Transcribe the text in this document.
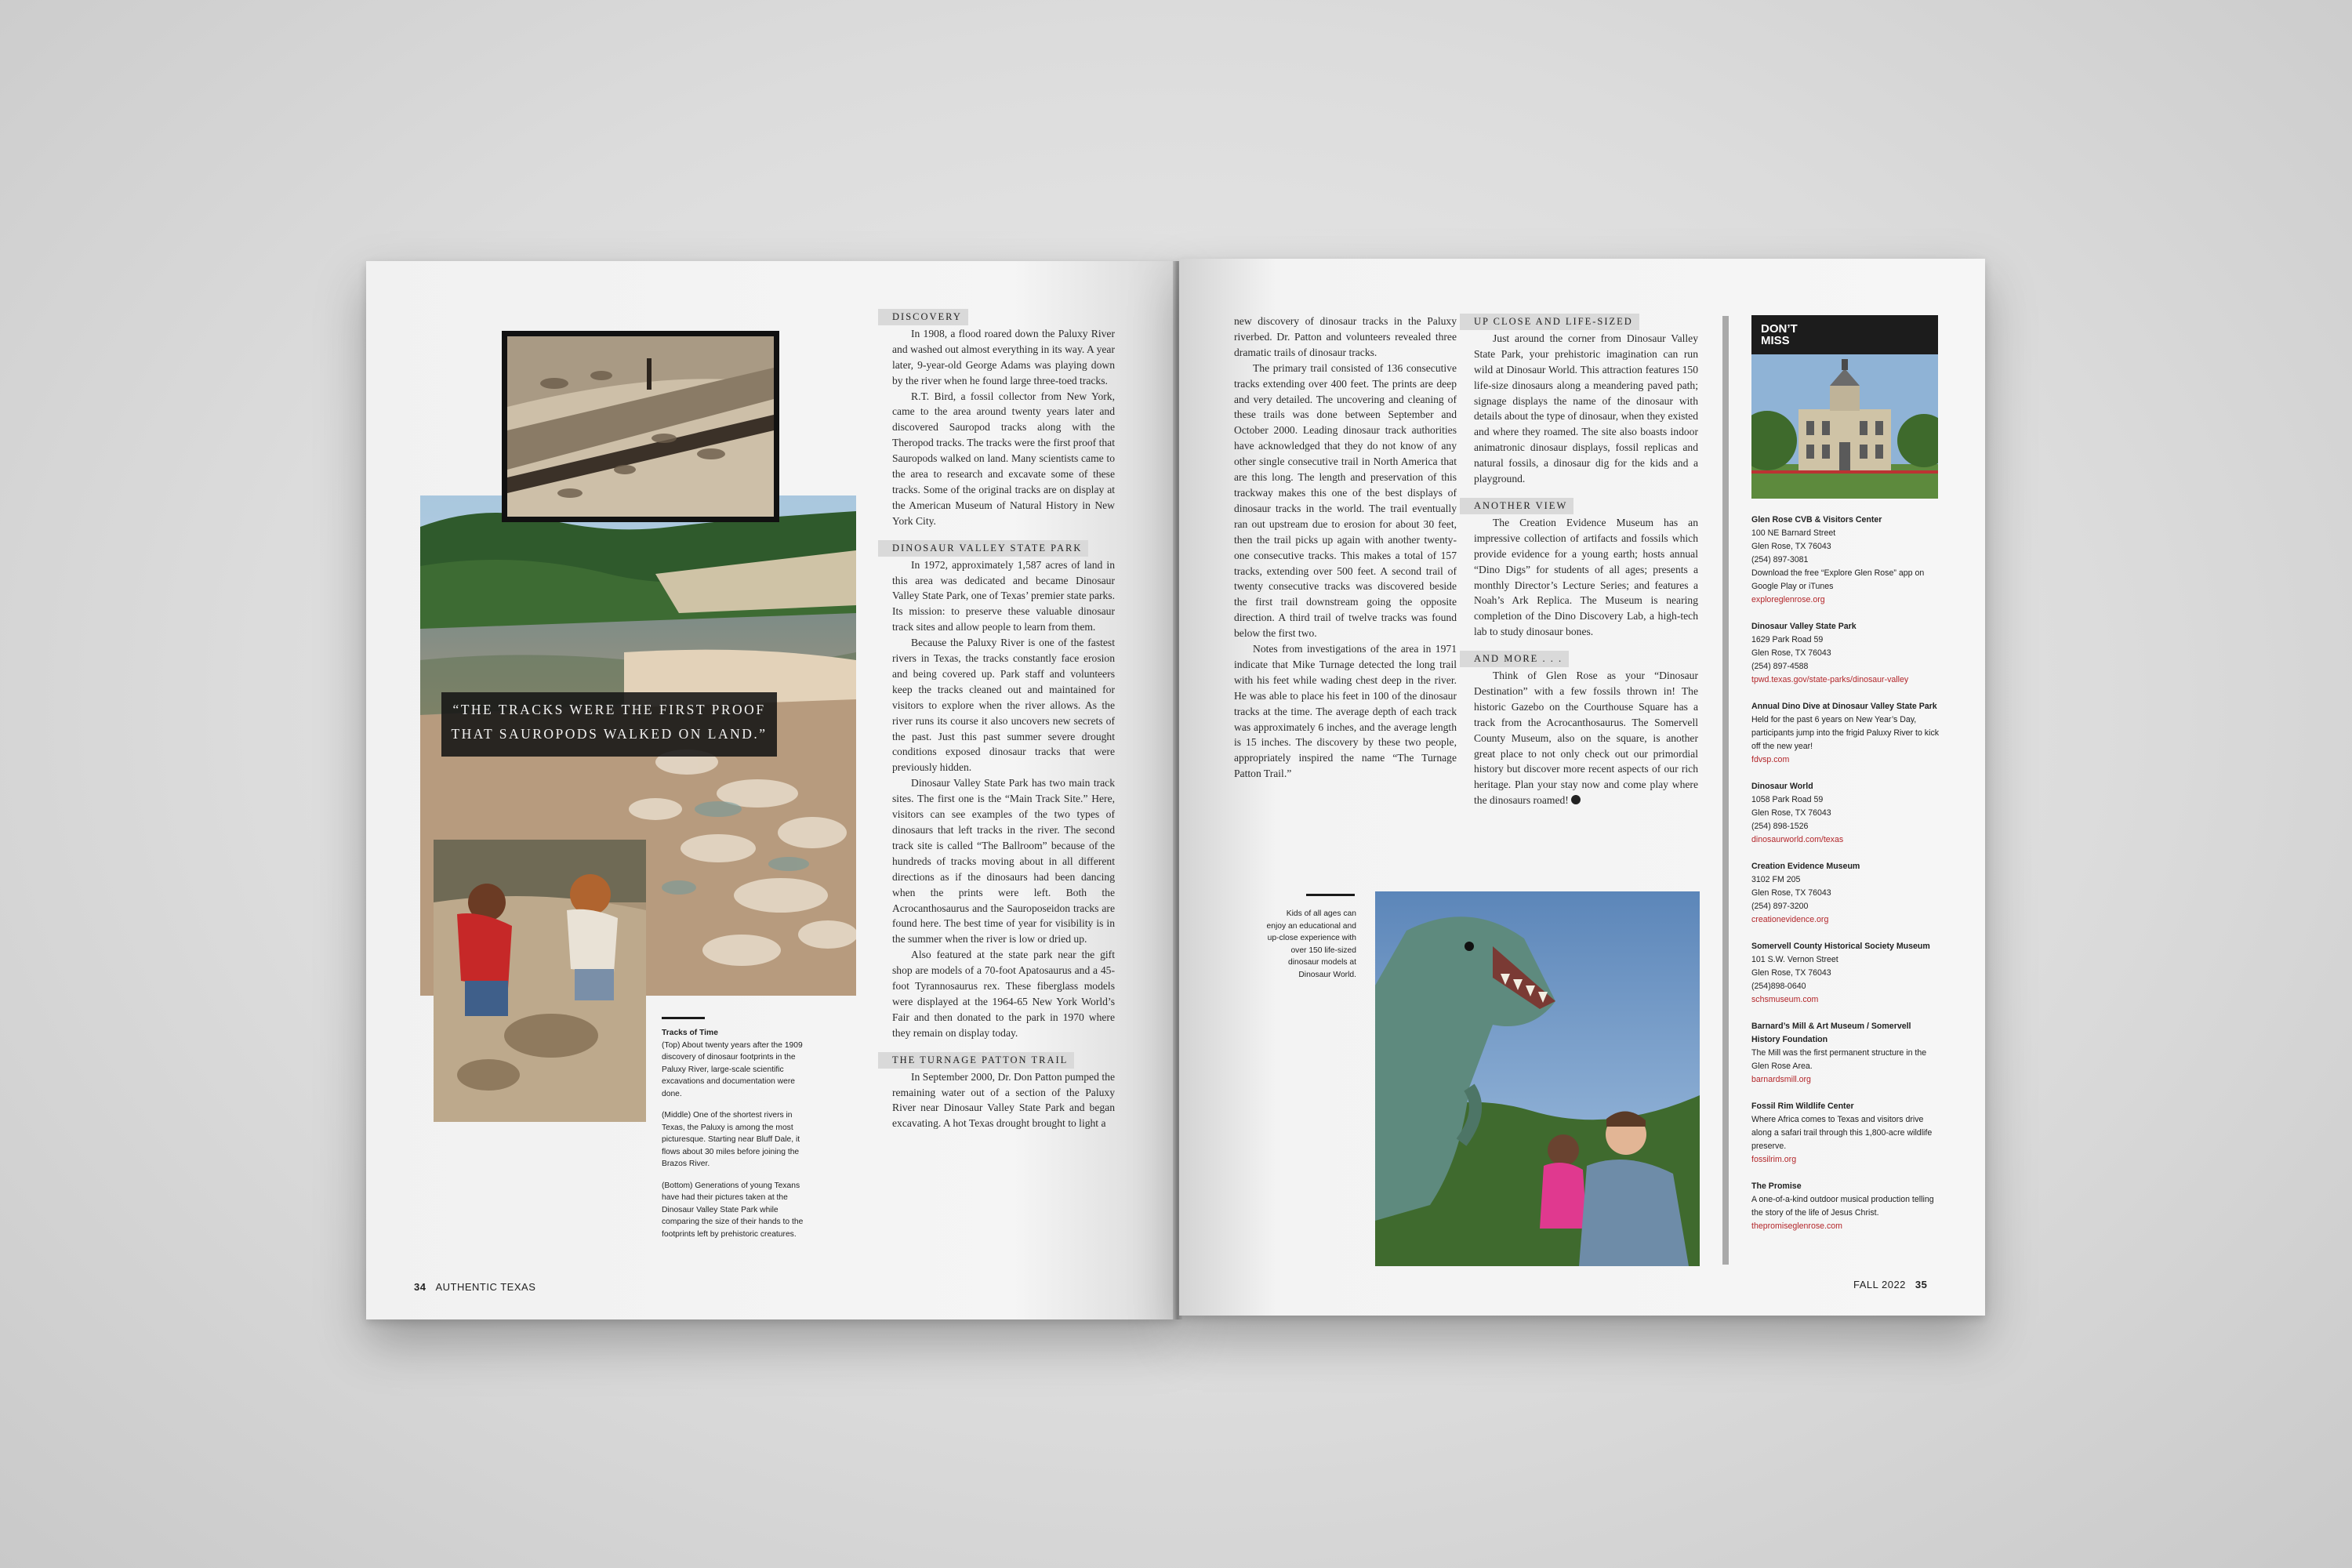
“THE TRACKS WERE THE FIRST PROOF
THAT SAUROPODS WALKED ON LAND.”

Tracks of Time
(Top) About twenty years after the 1909 discovery of dinosaur footprints in the Paluxy River, large-scale scientific excavations and documentation were done.

(Middle) One of the shortest rivers in Texas, the Paluxy is among the most picturesque. Starting near Bluff Dale, it flows about 30 miles before joining the Brazos River.

(Bottom) Generations of young Texans have had their pictures taken at the Dinosaur Valley State Park while comparing the size of their hands to the footprints left by prehistoric creatures.

DISCOVERY

In 1908, a flood roared down the Paluxy River and washed out almost everything in its way. A year later, 9-year-old George Adams was playing down by the river when he found large three-toed tracks.

R.T. Bird, a fossil collector from New York, came to the area around twenty years later and discovered Sauropod tracks along with the Theropod tracks. The tracks were the first proof that Sauropods walked on land. Many scientists came to the area to research and excavate some of these tracks. Some of the original tracks are on display at the American Museum of Natural History in New York City.

DINOSAUR VALLEY STATE PARK

In 1972, approximately 1,587 acres of land in this area was dedicated and became Dinosaur Valley State Park, one of Texas’ premier state parks. Its mission: to preserve these valuable dinosaur track sites and allow people to learn from them.

Because the Paluxy River is one of the fastest rivers in Texas, the tracks constantly face erosion and being covered up. Park staff and volunteers keep the tracks cleaned out and maintained for visitors to explore when the river allows. As the river runs its course it also uncovers new secrets of the past. Just this past summer severe drought conditions exposed dinosaur tracks that were previously hidden.

Dinosaur Valley State Park has two main track sites. The first one is the “Main Track Site.” Here, visitors can see examples of the two types of dinosaurs that left tracks in the river. The second track site is called “The Ballroom” because of the hundreds of tracks moving about in all different directions as if the dinosaurs had been dancing when the prints were left. Both the Acrocanthosaurus and the Sauroposeidon tracks are found here. The best time of year for visibility is in the summer when the river is low or dried up.

Also featured at the state park near the gift shop are models of a 70-foot Apatosaurus and a 45-foot Tyrannosaurus rex. These fiberglass models were displayed at the 1964-65 New York World’s Fair and then donated to the park in 1970 where they remain on display today.

THE TURNAGE PATTON TRAIL

In September 2000, Dr. Don Patton pumped the remaining water out of a section of the Paluxy River near Dinosaur Valley State Park and began excavating. A hot Texas drought brought to light a

34 AUTHENTIC TEXAS

new discovery of dinosaur tracks in the Paluxy riverbed. Dr. Patton and volunteers revealed three dramatic trails of dinosaur tracks.

The primary trail consisted of 136 consecutive tracks extending over 400 feet. The prints are deep and very detailed. The uncovering and cleaning of these trails was done between September and October 2000. Leading dinosaur track authorities have acknowledged that they do not know of any other single consecutive trail in North America that are this long. The length and preservation of this trackway makes this one of the best displays of dinosaur tracks in the world. The trail eventually ran out upstream due to erosion for about 30 feet, then the trail picks up again with another twenty-one consecutive tracks. This makes a total of 157 tracks, extending over 500 feet. A second trail of twenty consecutive tracks was discovered beside the first trail downstream going the opposite direction. A third trail of twelve tracks was found below the first two.

Notes from investigations of the area in 1971 indicate that Mike Turnage detected the long trail with his feet while wading chest deep in the river. He was able to place his feet in 100 of the dinosaur tracks at the time. The average depth of each track was approximately 6 inches, and the average length is 15 inches. The discovery by these two people, appropriately inspired the name “The Turnage Patton Trail.”

UP CLOSE AND LIFE-SIZED

Just around the corner from Dinosaur Valley State Park, your prehistoric imagination can run wild at Dinosaur World. This attraction features 150 life-size dinosaurs along a meandering paved path; signage displays the name of the dinosaur with details about the type of dinosaur, when they existed and where they roamed. The site also boasts indoor animatronic dinosaur displays, fossil replicas and natural fossils, a dinosaur dig for the kids and a playground.

ANOTHER VIEW

The Creation Evidence Museum has an impressive collection of artifacts and fossils which provide evidence for a young earth; hosts annual “Dino Digs” for students of all ages; presents a monthly Director’s Lecture Series; and features a Noah’s Ark Replica. The Museum is nearing completion of the Dino Discovery Lab, a high-tech lab to study dinosaur bones.

AND MORE . . .

Think of Glen Rose as your “Dinosaur Destination” with a few fossils thrown in! The historic Gazebo on the Courthouse Square has a track from the Acrocanthosaurus. The Somervell County Museum, also on the square, is another great place to not only check out our primordial history but discover more recent aspects of our rich heritage. Plan your stay now and come play where the dinosaurs roamed!

Kids of all ages can enjoy an educational and up-close experience with over 150 life-sized dinosaur models at Dinosaur World.
DON’T MISS
Glen Rose CVB & Visitors Center
100 NE Barnard Street
Glen Rose, TX 76043
(254) 897-3081
Download the free “Explore Glen Rose” app on Google Play or iTunes
exploreglenrose.org
Dinosaur Valley State Park
1629 Park Road 59
Glen Rose, TX 76043
(254) 897-4588
tpwd.texas.gov/state-parks/dinosaur-valley
Annual Dino Dive at Dinosaur Valley State Park
Held for the past 6 years on New Year’s Day, participants jump into the frigid Paluxy River to kick off the new year!
fdvsp.com
Dinosaur World
1058 Park Road 59
Glen Rose, TX 76043
(254) 898-1526
dinosaurworld.com/texas
Creation Evidence Museum
3102 FM 205
Glen Rose, TX 76043
(254) 897-3200
creationevidence.org
Somervell County Historical Society Museum
101 S.W. Vernon Street
Glen Rose, TX 76043
(254)898-0640
schsmuseum.com
Barnard’s Mill & Art Museum / Somervell History Foundation
The Mill was the first permanent structure in the Glen Rose Area.
barnardsmill.org
Fossil Rim Wildlife Center
Where Africa comes to Texas and visitors drive along a safari trail through this 1,800-acre wildlife preserve.
fossilrim.org
The Promise
A one-of-a-kind outdoor musical production telling the story of the life of Jesus Christ.
thepromiseglenrose.com
FALL 2022 35
